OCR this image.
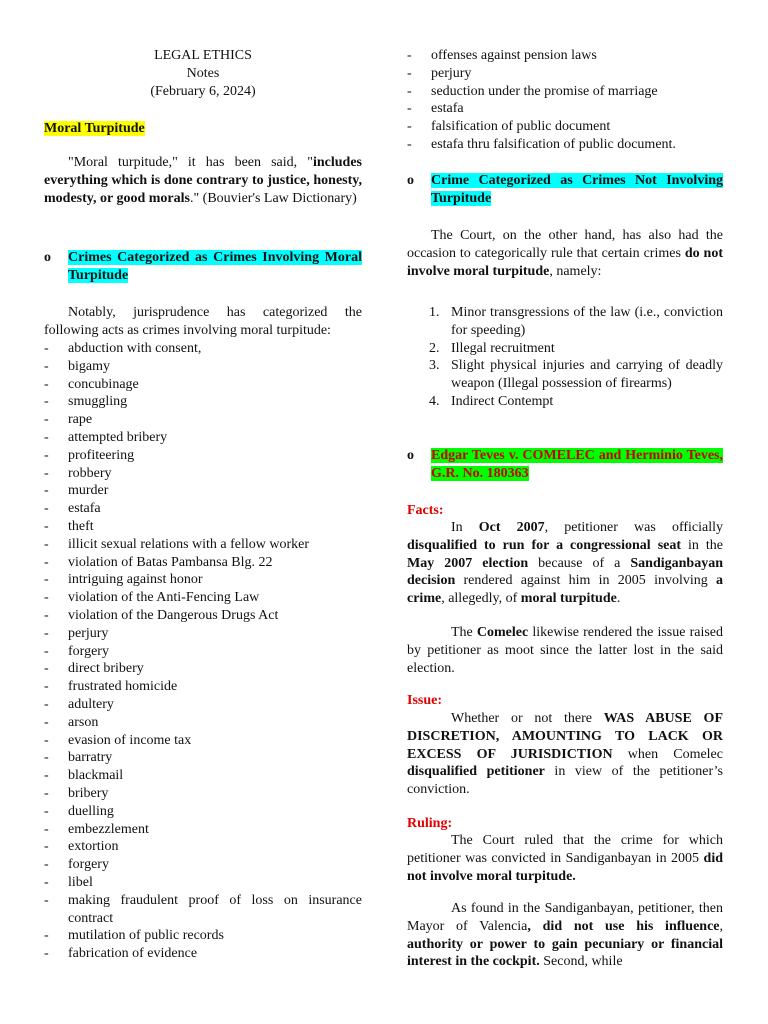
LEGAL ETHICS
Notes
(February 6, 2024)
Moral Turpitude
"Moral turpitude," it has been said, "includes everything which is done contrary to justice, honesty, modesty, or good morals." (Bouvier's Law Dictionary)
o	Crimes Categorized as Crimes Involving Moral Turpitude
Notably, jurisprudence has categorized the following acts as crimes involving moral turpitude:
- abduction with consent,
- bigamy
- concubinage
- smuggling
- rape
- attempted bribery
- profiteering
- robbery
- murder
- estafa
- theft
- illicit sexual relations with a fellow worker
- violation of Batas Pambansa Blg. 22
- intriguing against honor
- violation of the Anti-Fencing Law
- violation of the Dangerous Drugs Act
- perjury
- forgery
- direct bribery
- frustrated homicide
- adultery
- arson
- evasion of income tax
- barratry
- blackmail
- bribery
- duelling
- embezzlement
- extortion
- forgery
- libel
- making fraudulent proof of loss on insurance contract
- mutilation of public records
- fabrication of evidence
- offenses against pension laws
- perjury
- seduction under the promise of marriage
- estafa
- falsification of public document
- estafa thru falsification of public document.
o	Crime Categorized as Crimes Not Involving Turpitude
The Court, on the other hand, has also had the occasion to categorically rule that certain crimes do not involve moral turpitude, namely:
1. Minor transgressions of the law (i.e., conviction for speeding)
2. Illegal recruitment
3. Slight physical injuries and carrying of deadly weapon (Illegal possession of firearms)
4. Indirect Contempt
o	Edgar Teves v. COMELEC and Herminio Teves, G.R. No. 180363
Facts:
In Oct 2007, petitioner was officially disqualified to run for a congressional seat in the May 2007 election because of a Sandiganbayan decision rendered against him in 2005 involving a crime, allegedly, of moral turpitude.
The Comelec likewise rendered the issue raised by petitioner as moot since the latter lost in the said election.
Issue:
Whether or not there WAS ABUSE OF DISCRETION, AMOUNTING TO LACK OR EXCESS OF JURISDICTION when Comelec disqualified petitioner in view of the petitioner’s conviction.
Ruling:
The Court ruled that the crime for which petitioner was convicted in Sandiganbayan in 2005 did not involve moral turpitude.
As found in the Sandiganbayan, petitioner, then Mayor of Valencia, did not use his influence, authority or power to gain pecuniary or financial interest in the cockpit. Second, while
